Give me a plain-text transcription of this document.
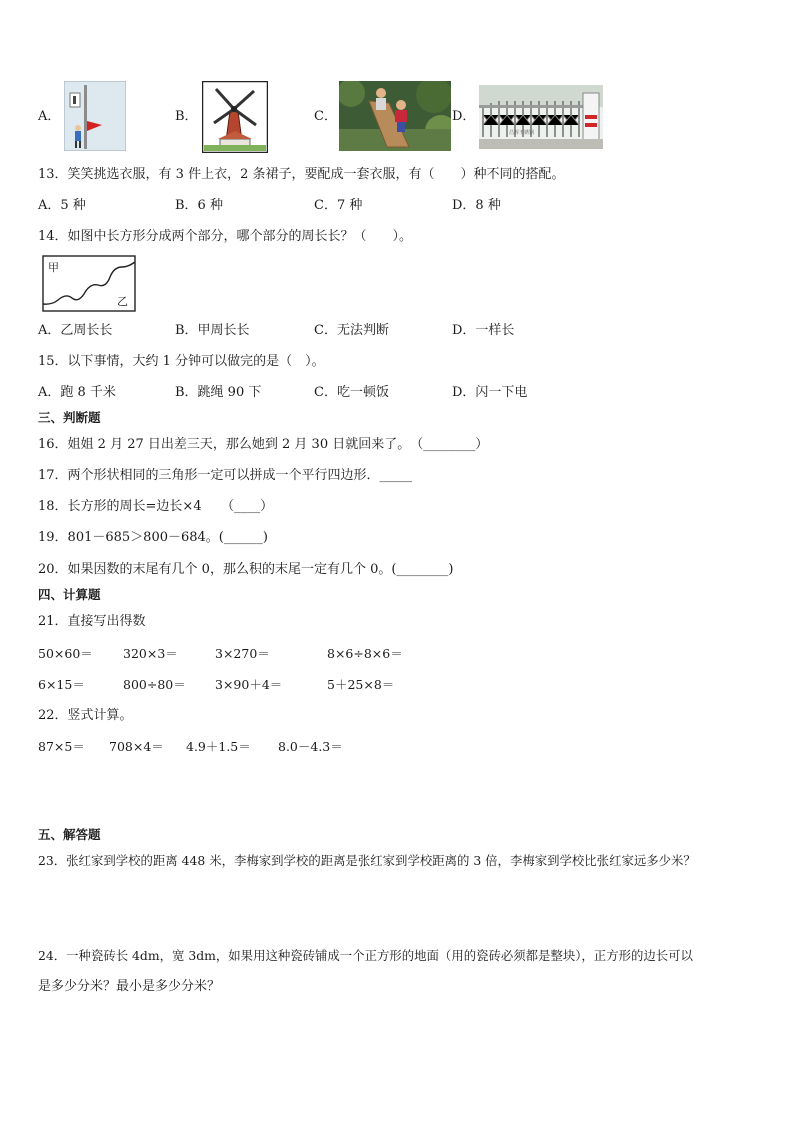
A．	B．	C．	D．
昌辉不锈钢
13．笑笑挑选衣服，有 3 件上衣，2 条裙子，要配成一套衣服，有（　　）种不同的搭配。
A．5 种	B．6 种	C．7 种	D．8 种
14．如图中长方形分成两个部分，哪个部分的周长长？（　　）。
甲
乙
A．乙周长长	B．甲周长长	C．无法判断	D．一样长
15．以下事情，大约 1 分钟可以做完的是（　）。
A．跑 8 千米	B．跳绳 90 下	C．吃一顿饭	D．闪一下电
三、判断题
16．姐姐 2 月 27 日出差三天，那么她到 2 月 30 日就回来了。　（________）
17．两个形状相同的三角形一定可以拼成一个平行四边形．_____
18．长方形的周长=边长×4　　（____）
19．801－685＞800－684。(______)
20．如果因数的末尾有几个 0，那么积的末尾一定有几个 0。(________)
四、计算题
21．直接写出得数
50×60＝ 320×3＝	3×270＝	8×6÷8×6＝
6×15＝	800÷80＝ 3×90＋4＝	5＋25×8＝
22．竖式计算。
87×5＝ 708×4＝ 4.9＋1.5＝ 8.0－4.3＝
五、解答题
23．张红家到学校的距离 448 米，李梅家到学校的距离是张红家到学校距离的 3 倍，李梅家到学校比张红家远多少米？
24．一种瓷砖长 4dm，宽 3dm，如果用这种瓷砖铺成一个正方形的地面（用的瓷砖必须都是整块），正方形的边长可以
是多少分米？最小是多少分米？
